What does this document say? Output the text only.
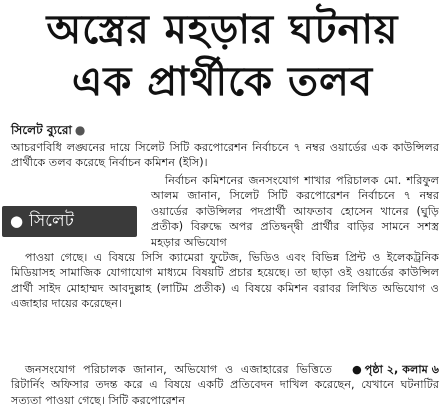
অস্ত্রের মহড়ার ঘটনায়
এক প্রার্থীকে তলব
সিলেট ব্যুরো ●

আচরণবিধি লঙ্ঘনের দায়ে সিলেট সিটি করপোরেশন নির্বাচনে ৭ নম্বর ওয়ার্ডের এক কাউন্সিলর প্রার্থীকে তলব করেছে নির্বাচন কমিশন (ইসি)।

● সিলেট

নির্বাচন কমিশনের জনসংযোগ শাখার পরিচালক মো. শরিফুল আলম জানান, সিলেট সিটি করপোরেশন নির্বাচনে ৭ নম্বর ওয়ার্ডের কাউন্সিলর পদপ্রার্থী আফতাব হোসেন খানের (ঘুড়ি প্রতীক) বিরুদ্ধে অপর প্রতিদ্বন্দ্বী প্রার্থীর বাড়ির সামনে সশস্ত্র মহড়ার অভিযোগ
পাওয়া গেছে। এ বিষয়ে সিসি ক্যামেরা ফুটেজ, ভিডিও এবং বিভিন্ন প্রিন্ট ও ইলেকট্রনিক মিডিয়াসহ সামাজিক যোগাযোগ মাধ্যমে বিষয়টি প্রচার হয়েছে। তা ছাড়া ওই ওয়ার্ডের কাউন্সিল প্রার্থী সাইদ মোহাম্মদ আবদুল্লাহ (লাটিম প্রতীক) এ বিষয়ে কমিশন বরাবর লিখিত অভিযোগ ও এজাহার দায়ের করেছেন।

● পৃষ্ঠা ২, কলাম ৬
জনসংযোগ পরিচালক জানান, অভিযোগ ও এজাহারের ভিত্তিতে রিটার্নিং অফিসার তদন্ত করে এ বিষয়ে একটি প্রতিবেদন দাখিল করেছেন, যেখানে ঘটনাটির সত্যতা পাওয়া গেছে। সিটি করপোরেশন
